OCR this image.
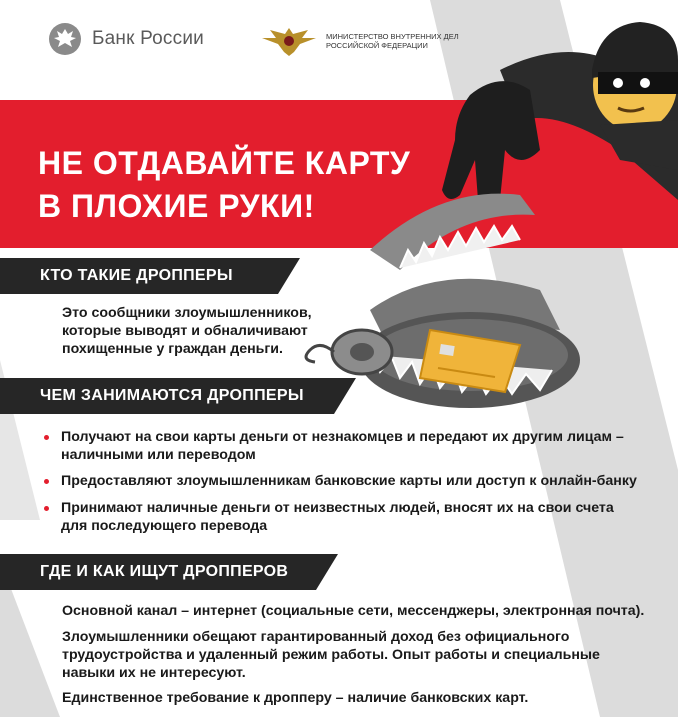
Банк России	МИНИСТЕРСТВО ВНУТРЕННИХ ДЕЛ РОССИЙСКОЙ ФЕДЕРАЦИИ
НЕ ОТДАВАЙТЕ КАРТУ
В ПЛОХИЕ РУКИ!
КТО ТАКИЕ ДРОППЕРЫ
Это сообщники злоумышленников,
которые выводят и обналичивают
похищенные у граждан деньги.
ЧЕМ ЗАНИМАЮТСЯ ДРОППЕРЫ
Получают на свои карты деньги от незнакомцев и передают их другим лицам –
наличными или переводом
Предоставляют злоумышленникам банковские карты или доступ к онлайн-банку
Принимают наличные деньги от неизвестных людей, вносят их на свои счета
для последующего перевода
ГДЕ И КАК ИЩУТ ДРОППЕРОВ
Основной канал – интернет (социальные сети, мессенджеры, электронная почта).
Злоумышленники обещают гарантированный доход без официального
трудоустройства и удаленный режим работы. Опыт работы и специальные
навыки их не интересуют.
Единственное требование к дропперу – наличие банковских карт.
